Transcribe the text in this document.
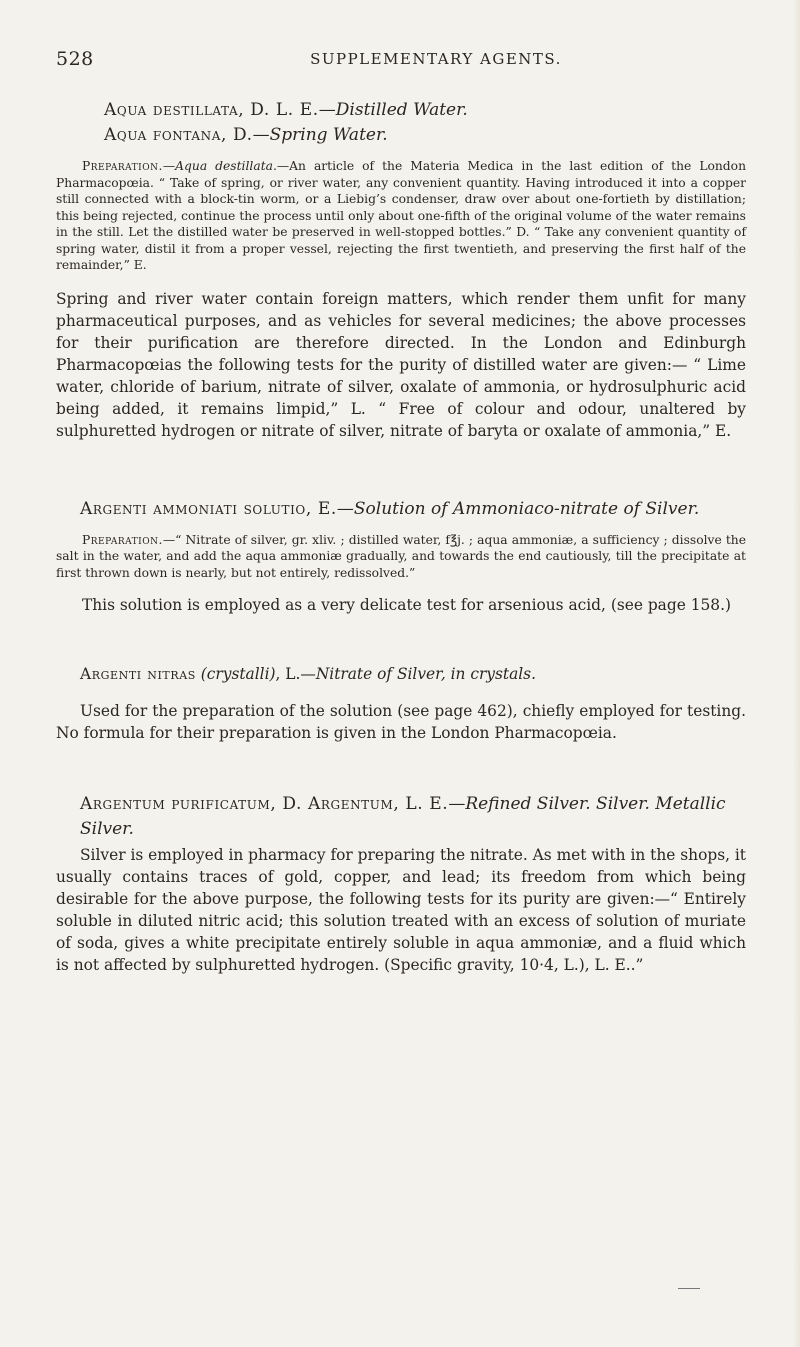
528	SUPPLEMENTARY AGENTS.
Aqua destillata, D. L. E.—Distilled Water.
Aqua fontana, D.—Spring Water.

Preparation.—Aqua destillata.—An article of the Materia Medica in the last edition of the London Pharmacopœia. “ Take of spring, or river water, any convenient quantity. Having introduced it into a copper still connected with a block-tin worm, or a Liebig’s condenser, draw over about one-fortieth by distillation; this being rejected, continue the process until only about one-fifth of the original volume of the water remains in the still. Let the distilled water be preserved in well-stopped bottles.” D. “ Take any convenient quantity of spring water, distil it from a proper vessel, rejecting the first twentieth, and preserving the first half of the remainder,” E.

Spring and river water contain foreign matters, which render them unfit for many pharmaceutical purposes, and as vehicles for several medicines; the above processes for their purification are therefore directed. In the London and Edinburgh Pharmacopœias the following tests for the purity of distilled water are given:— “ Lime water, chloride of barium, nitrate of silver, oxalate of ammonia, or hydrosulphuric acid being added, it remains limpid,” L. “ Free of colour and odour, unaltered by sulphuretted hydrogen or nitrate of silver, nitrate of baryta or oxalate of ammonia,” E.

Argenti ammoniati solutio, E.—Solution of Ammoniaco-nitrate of Silver.

Preparation.—“ Nitrate of silver, gr. xliv. ; distilled water, f℥j. ; aqua ammoniæ, a sufficiency ; dissolve the salt in the water, and add the aqua ammoniæ gradually, and towards the end cautiously, till the precipitate at first thrown down is nearly, but not entirely, redissolved.”

This solution is employed as a very delicate test for arsenious acid, (see page 158.)

Argenti nitras (crystalli), L.—Nitrate of Silver, in crystals.

Used for the preparation of the solution (see page 462), chiefly employed for testing. No formula for their preparation is given in the London Pharmacopœia.

Argentum purificatum, D. Argentum, L. E.—Refined Silver. Silver. Metallic Silver.

Silver is employed in pharmacy for preparing the nitrate. As met with in the shops, it usually contains traces of gold, copper, and lead; its freedom from which being desirable for the above purpose, the following tests for its purity are given:—“ Entirely soluble in diluted nitric acid; this solution treated with an excess of solution of muriate of soda, gives a white precipitate entirely soluble in aqua ammoniæ, and a fluid which is not affected by sulphuretted hydrogen. (Specific gravity, 10·4, L.), L. E..”
